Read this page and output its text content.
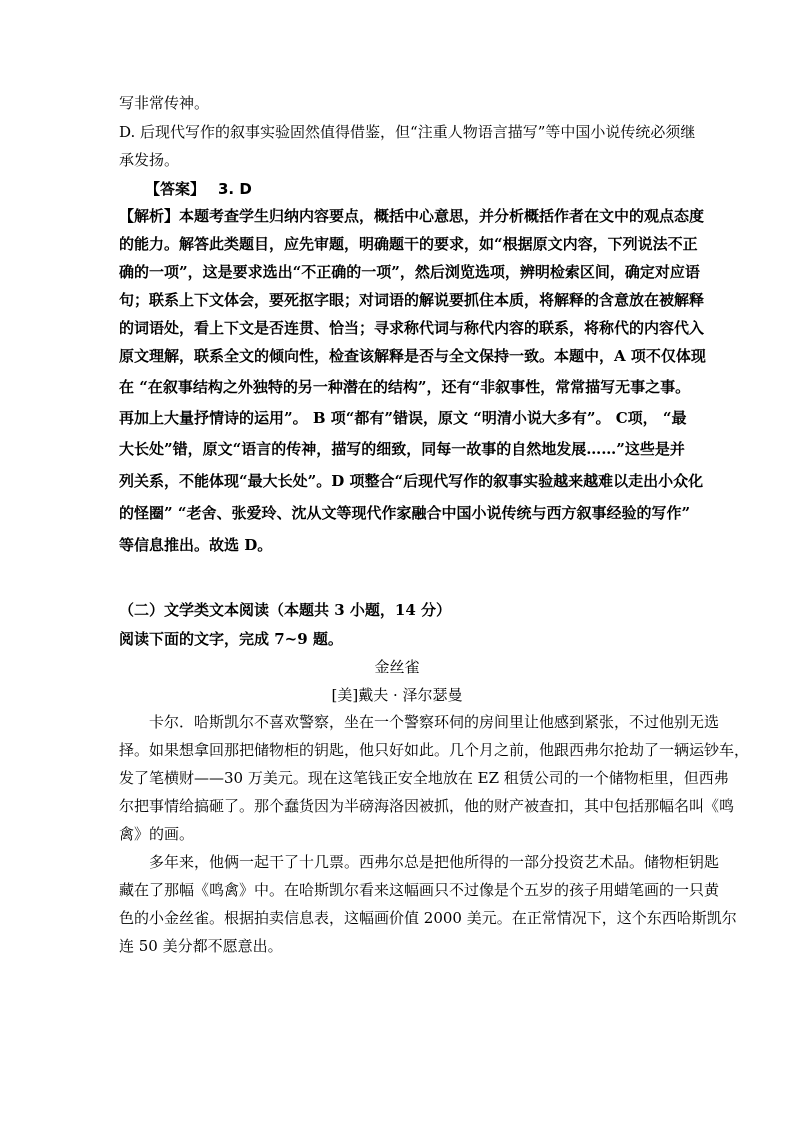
写非常传神。
D. 后现代写作的叙事实验固然值得借鉴，但“注重人物语言描写”等中国小说传统必须继
承发扬。
【答案】 3. D
【解析】本题考查学生归纳内容要点，概括中心意思，并分析概括作者在文中的观点态度
的能力。解答此类题目，应先审题，明确题干的要求，如“根据原文内容，下列说法不正
确的一项”，这是要求选出“不正确的一项”，然后浏览选项，辨明检索区间，确定对应语
句；联系上下文体会，要死抠字眼；对词语的解说要抓住本质，将解释的含意放在被解释
的词语处，看上下文是否连贯、恰当；寻求称代词与称代内容的联系，将称代的内容代入
原文理解，联系全文的倾向性，检查该解释是否与全文保持一致。本题中，A 项不仅体现
在 “在叙事结构之外独特的另一种潜在的结构”，还有“非叙事性，常常描写无事之事。
再加上大量抒情诗的运用”。 B 项“都有”错误，原文 “明清小说大多有”。 C项， “最
大长处”错，原文“语言的传神，描写的细致，同每一故事的自然地发展……”这些是并
列关系，不能体现“最大长处”。D 项整合“后现代写作的叙事实验越来越难以走出小众化
的怪圈” “老舍、张爱玲、沈从文等现代作家融合中国小说传统与西方叙事经验的写作”
等信息推出。故选 D。
（二）文学类文本阅读（本题共 3 小题，14 分）
阅读下面的文字，完成 7~9 题。
金丝雀
[美]戴夫 · 泽尔瑟曼
卡尔．哈斯凯尔不喜欢警察，坐在一个警察环伺的房间里让他感到紧张，不过他别无选
择。如果想拿回那把储物柜的钥匙，他只好如此。几个月之前，他跟西弗尔抢劫了一辆运钞车，
发了笔横财——30 万美元。现在这笔钱正安全地放在 EZ 租赁公司的一个储物柜里，但西弗
尔把事情给搞砸了。那个蠢货因为半磅海洛因被抓，他的财产被查扣，其中包括那幅名叫《鸣
禽》的画。
多年来，他俩一起干了十几票。西弗尔总是把他所得的一部分投资艺术品。储物柜钥匙
藏在了那幅《鸣禽》中。在哈斯凯尔看来这幅画只不过像是个五岁的孩子用蜡笔画的一只黄
色的小金丝雀。根据拍卖信息表，这幅画价值 2000 美元。在正常情况下，这个东西哈斯凯尔
连 50 美分都不愿意出。
